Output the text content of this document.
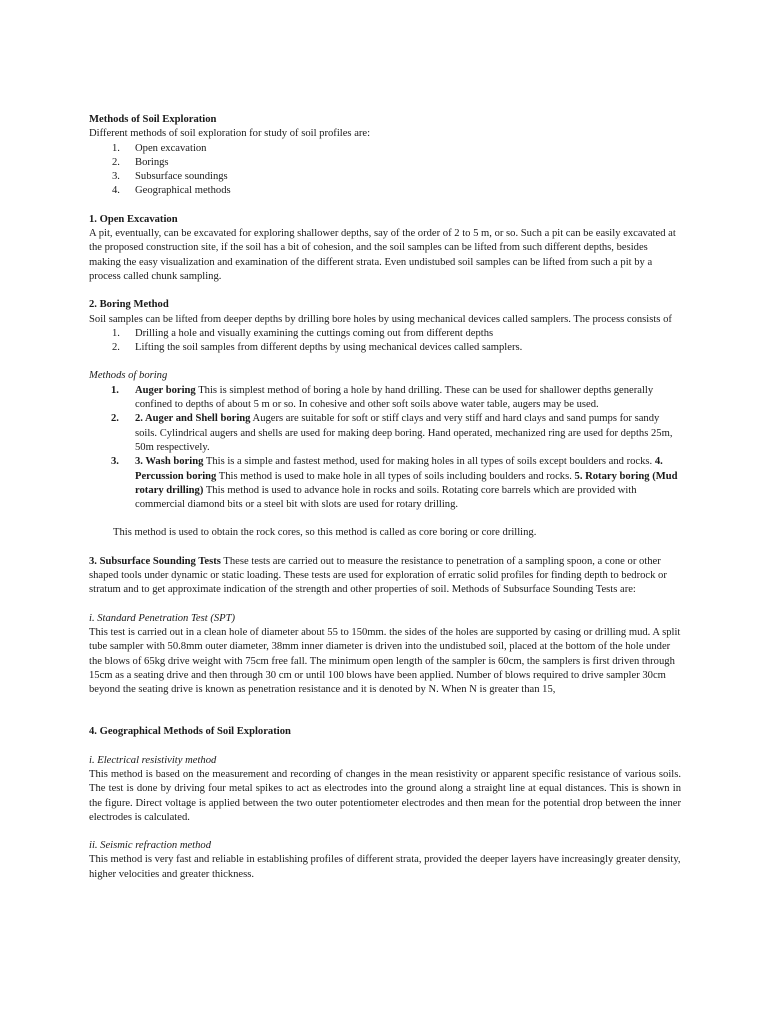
Methods of Soil Exploration

Different methods of soil exploration for study of soil profiles are:

1. Open excavation
2. Borings
3. Subsurface soundings
4. Geographical methods

1. Open Excavation

A pit, eventually, can be excavated for exploring shallower depths, say of the order of 2 to 5 m, or so. Such a pit can be easily excavated at the proposed construction site, if the soil has a bit of cohesion, and the soil samples can be lifted from such different depths, besides making the easy visualization and examination of the different strata. Even undistubed soil samples can be lifted from such a pit by a process called chunk sampling.

2. Boring Method

Soil samples can be lifted from deeper depths by drilling bore holes by using mechanical devices called samplers. The process consists of

1. Drilling a hole and visually examining the cuttings coming out from different depths
2. Lifting the soil samples from different depths by using mechanical devices called samplers.

Methods of boring

1. Auger boring This is simplest method of boring a hole by hand drilling. These can be used for shallower depths generally confined to depths of about 5 m or so. In cohesive and other soft soils above water table, augers may be used.
2. 2. Auger and Shell boring Augers are suitable for soft or stiff clays and very stiff and hard clays and sand pumps for sandy soils. Cylindrical augers and shells are used for making deep boring. Hand operated, mechanized ring are used for depths 25m, 50m respectively.
3. 3. Wash boring This is a simple and fastest method, used for making holes in all types of soils except boulders and rocks. 4. Percussion boring This method is used to make hole in all types of soils including boulders and rocks. 5. Rotary boring (Mud rotary drilling) This method is used to advance hole in rocks and soils. Rotating core barrels which are provided with commercial diamond bits or a steel bit with slots are used for rotary drilling.

This method is used to obtain the rock cores, so this method is called as core boring or core drilling.

3. Subsurface Sounding Tests These tests are carried out to measure the resistance to penetration of a sampling spoon, a cone or other shaped tools under dynamic or static loading. These tests are used for exploration of erratic solid profiles for finding depth to bedrock or stratum and to get approximate indication of the strength and other properties of soil. Methods of Subsurface Sounding Tests are:

i. Standard Penetration Test (SPT)

This test is carried out in a clean hole of diameter about 55 to 150mm. the sides of the holes are supported by casing or drilling mud. A split tube sampler with 50.8mm outer diameter, 38mm inner diameter is driven into the undistubed soil, placed at the bottom of the hole under the blows of 65kg drive weight with 75cm free fall. The minimum open length of the sampler is 60cm, the samplers is first driven through 15cm as a seating drive and then through 30 cm or until 100 blows have been applied. Number of blows required to drive sampler 30cm beyond the seating drive is known as penetration resistance and it is denoted by N. When N is greater than 15,

4. Geographical Methods of Soil Exploration

i. Electrical resistivity method

This method is based on the measurement and recording of changes in the mean resistivity or apparent specific resistance of various soils. The test is done by driving four metal spikes to act as electrodes into the ground along a straight line at equal distances. This is shown in the figure. Direct voltage is applied between the two outer potentiometer electrodes and then mean for the potential drop between the inner electrodes is calculated.

ii. Seismic refraction method

This method is very fast and reliable in establishing profiles of different strata, provided the deeper layers have increasingly greater density, higher velocities and greater thickness.
